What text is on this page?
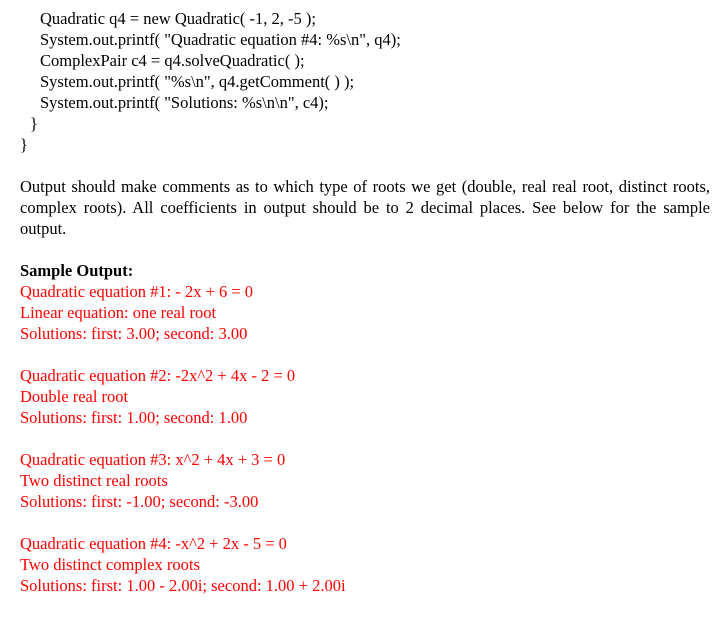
Quadratic q4 = new Quadratic( -1, 2, -5 );
System.out.printf( "Quadratic equation #4: %s\n", q4);
ComplexPair c4 = q4.solveQuadratic( );
System.out.printf( "%s\n", q4.getComment( ) );
System.out.printf( "Solutions: %s\n\n", c4);
}
}
Output should make comments as to which type of roots we get (double, real real root, distinct roots, complex roots). All coefficients in output should be to 2 decimal places. See below for the sample output.
Sample Output:
Quadratic equation #1: - 2x + 6 = 0
Linear equation: one real root
Solutions: first: 3.00; second: 3.00
Quadratic equation #2: -2x^2 + 4x - 2 = 0
Double real root
Solutions: first: 1.00; second: 1.00
Quadratic equation #3: x^2 + 4x + 3 = 0
Two distinct real roots
Solutions: first: -1.00; second: -3.00
Quadratic equation #4: -x^2 + 2x - 5 = 0
Two distinct complex roots
Solutions: first: 1.00 - 2.00i; second: 1.00 + 2.00i
